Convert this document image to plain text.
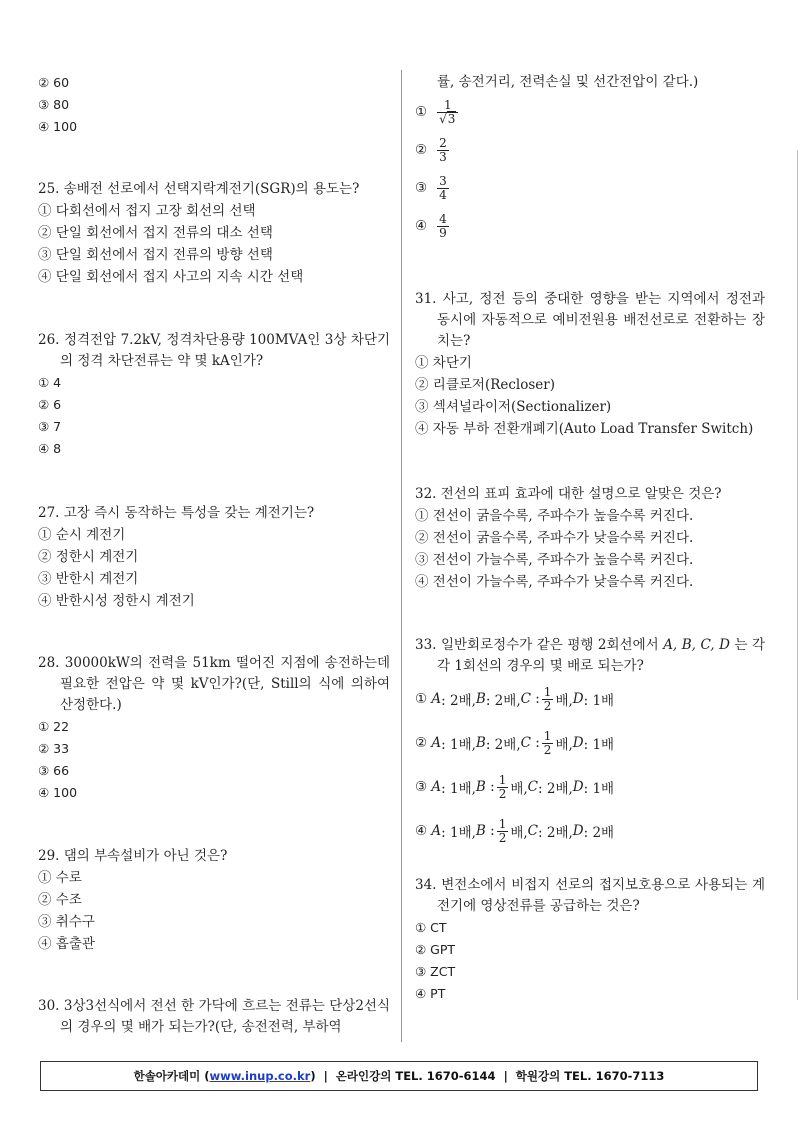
② 60
③ 80
④ 100
25. 송배전 선로에서 선택지락계전기(SGR)의 용도는?
① 다회선에서 접지 고장 회선의 선택
② 단일 회선에서 접지 전류의 대소 선택
③ 단일 회선에서 접지 전류의 방향 선택
④ 단일 회선에서 접지 사고의 지속 시간 선택
26. 정격전압 7.2kV, 정격차단용량 100MVA인 3상 차단기의 정격 차단전류는 약 몇 kA인가?
① 4
② 6
③ 7
④ 8
27. 고장 즉시 동작하는 특성을 갖는 계전기는?
① 순시 계전기
② 정한시 계전기
③ 반한시 계전기
④ 반한시성 정한시 계전기
28. 30000kW의 전력을 51km 떨어진 지점에 송전하는데 필요한 전압은 약 몇 kV인가?(단, Still의 식에 의하여 산정한다.)
① 22
② 33
③ 66
④ 100
29. 댐의 부속설비가 아닌 것은?
① 수로
② 수조
③ 취수구
④ 흡출관
30. 3상3선식에서 전선 한 가닥에 흐르는 전류는 단상2선식의 경우의 몇 배가 되는가?(단, 송전전력, 부하역
률, 송전거리, 전력손실 및 선간전압이 같다.)
① $\frac{1}{√3}$
② $\frac{2}{3}$
③ $\frac{3}{4}$
④ $\frac{4}{9}$
31. 사고, 정전 등의 중대한 영향을 받는 지역에서 정전과 동시에 자동적으로 예비전원용 배전선로로 전환하는 장치는?
① 차단기
② 리클로저(Recloser)
③ 섹셔널라이저(Sectionalizer)
④ 자동 부하 전환개폐기(Auto Load Transfer Switch)
32. 전선의 표피 효과에 대한 설명으로 알맞은 것은?
① 전선이 굵을수록, 주파수가 높을수록 커진다.
② 전선이 굵을수록, 주파수가 낮을수록 커진다.
③ 전선이 가늘수록, 주파수가 높을수록 커진다.
④ 전선이 가늘수록, 주파수가 낮을수록 커진다.
33. 일반회로정수가 같은 평행 2회선에서 A, B, C, D 는 각각 1회선의 경우의 몇 배로 되는가?
①
A : 2배, B : 2배, C : $\frac{1}{2}$ 배, D : 1배
②
A : 1배, B : 2배, C : $\frac{1}{2}$ 배, D : 1배
③
A : 1배, B : $\frac{1}{2}$ 배, C : 2배, D : 1배
④
A : 1배, B : $\frac{1}{2}$ 배, C : 2배, D : 2배
34. 변전소에서 비접지 선로의 접지보호용으로 사용되는 계전기에 영상전류를 공급하는 것은?
① CT
② GPT
③ ZCT
④ PT
한솔아카데미 ( www.inup.co.kr ) | 온라인강의 TEL. 1670-6144 | 학원강의 TEL. 1670-7113
